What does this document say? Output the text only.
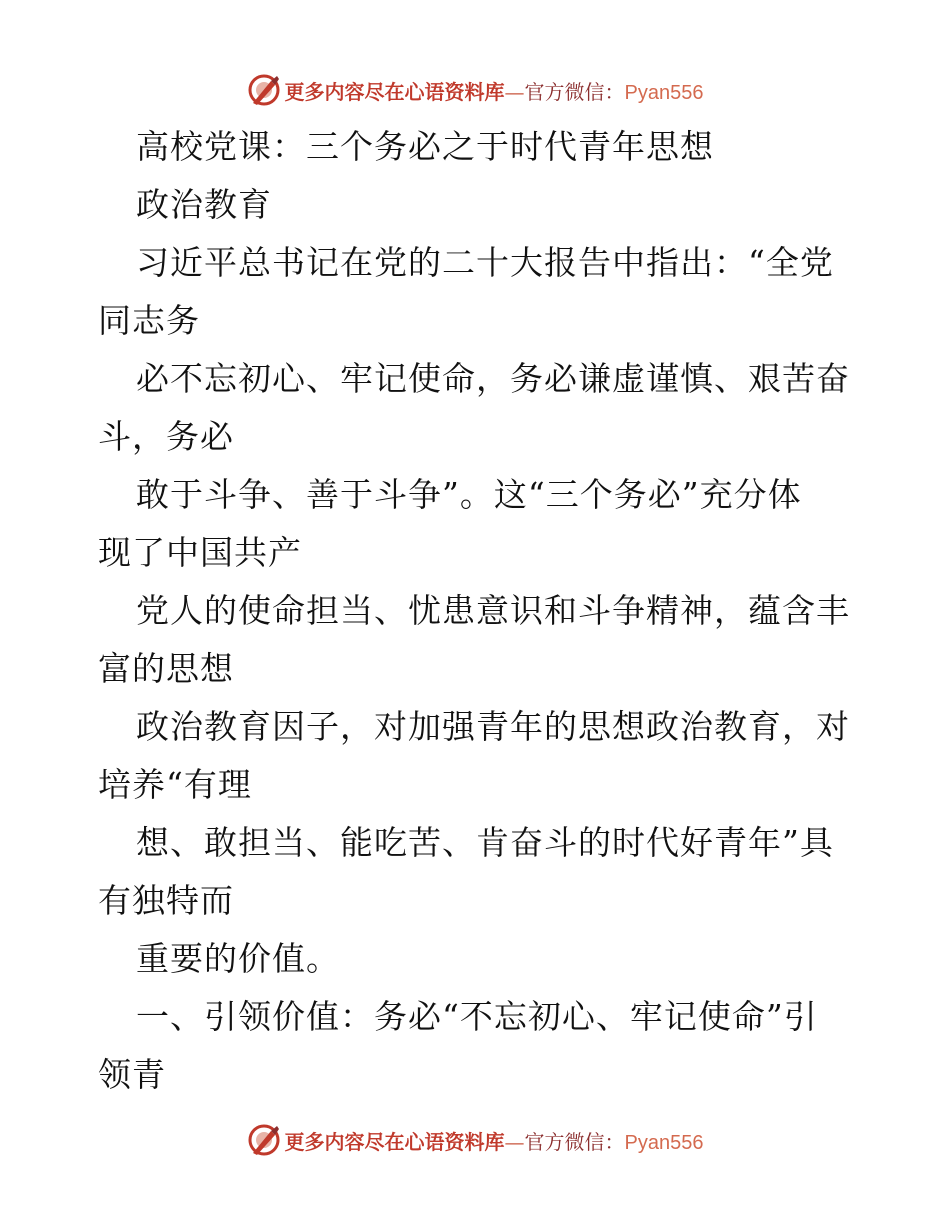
更多内容尽在心语资料库—官方微信：Pyan556
高校党课：三个务必之于时代青年思想
政治教育
习近平总书记在党的二十大报告中指出：“全党
同志务
必不忘初心、牢记使命，务必谦虚谨慎、艰苦奋
斗，务必
敢于斗争、善于斗争”。这“三个务必”充分体
现了中国共产
党人的使命担当、忧患意识和斗争精神，蕴含丰
富的思想
政治教育因子，对加强青年的思想政治教育，对
培养“有理
想、敢担当、能吃苦、肯奋斗的时代好青年”具
有独特而
重要的价值。
一、引领价值：务必“不忘初心、牢记使命”引
领青
更多内容尽在心语资料库—官方微信：Pyan556
